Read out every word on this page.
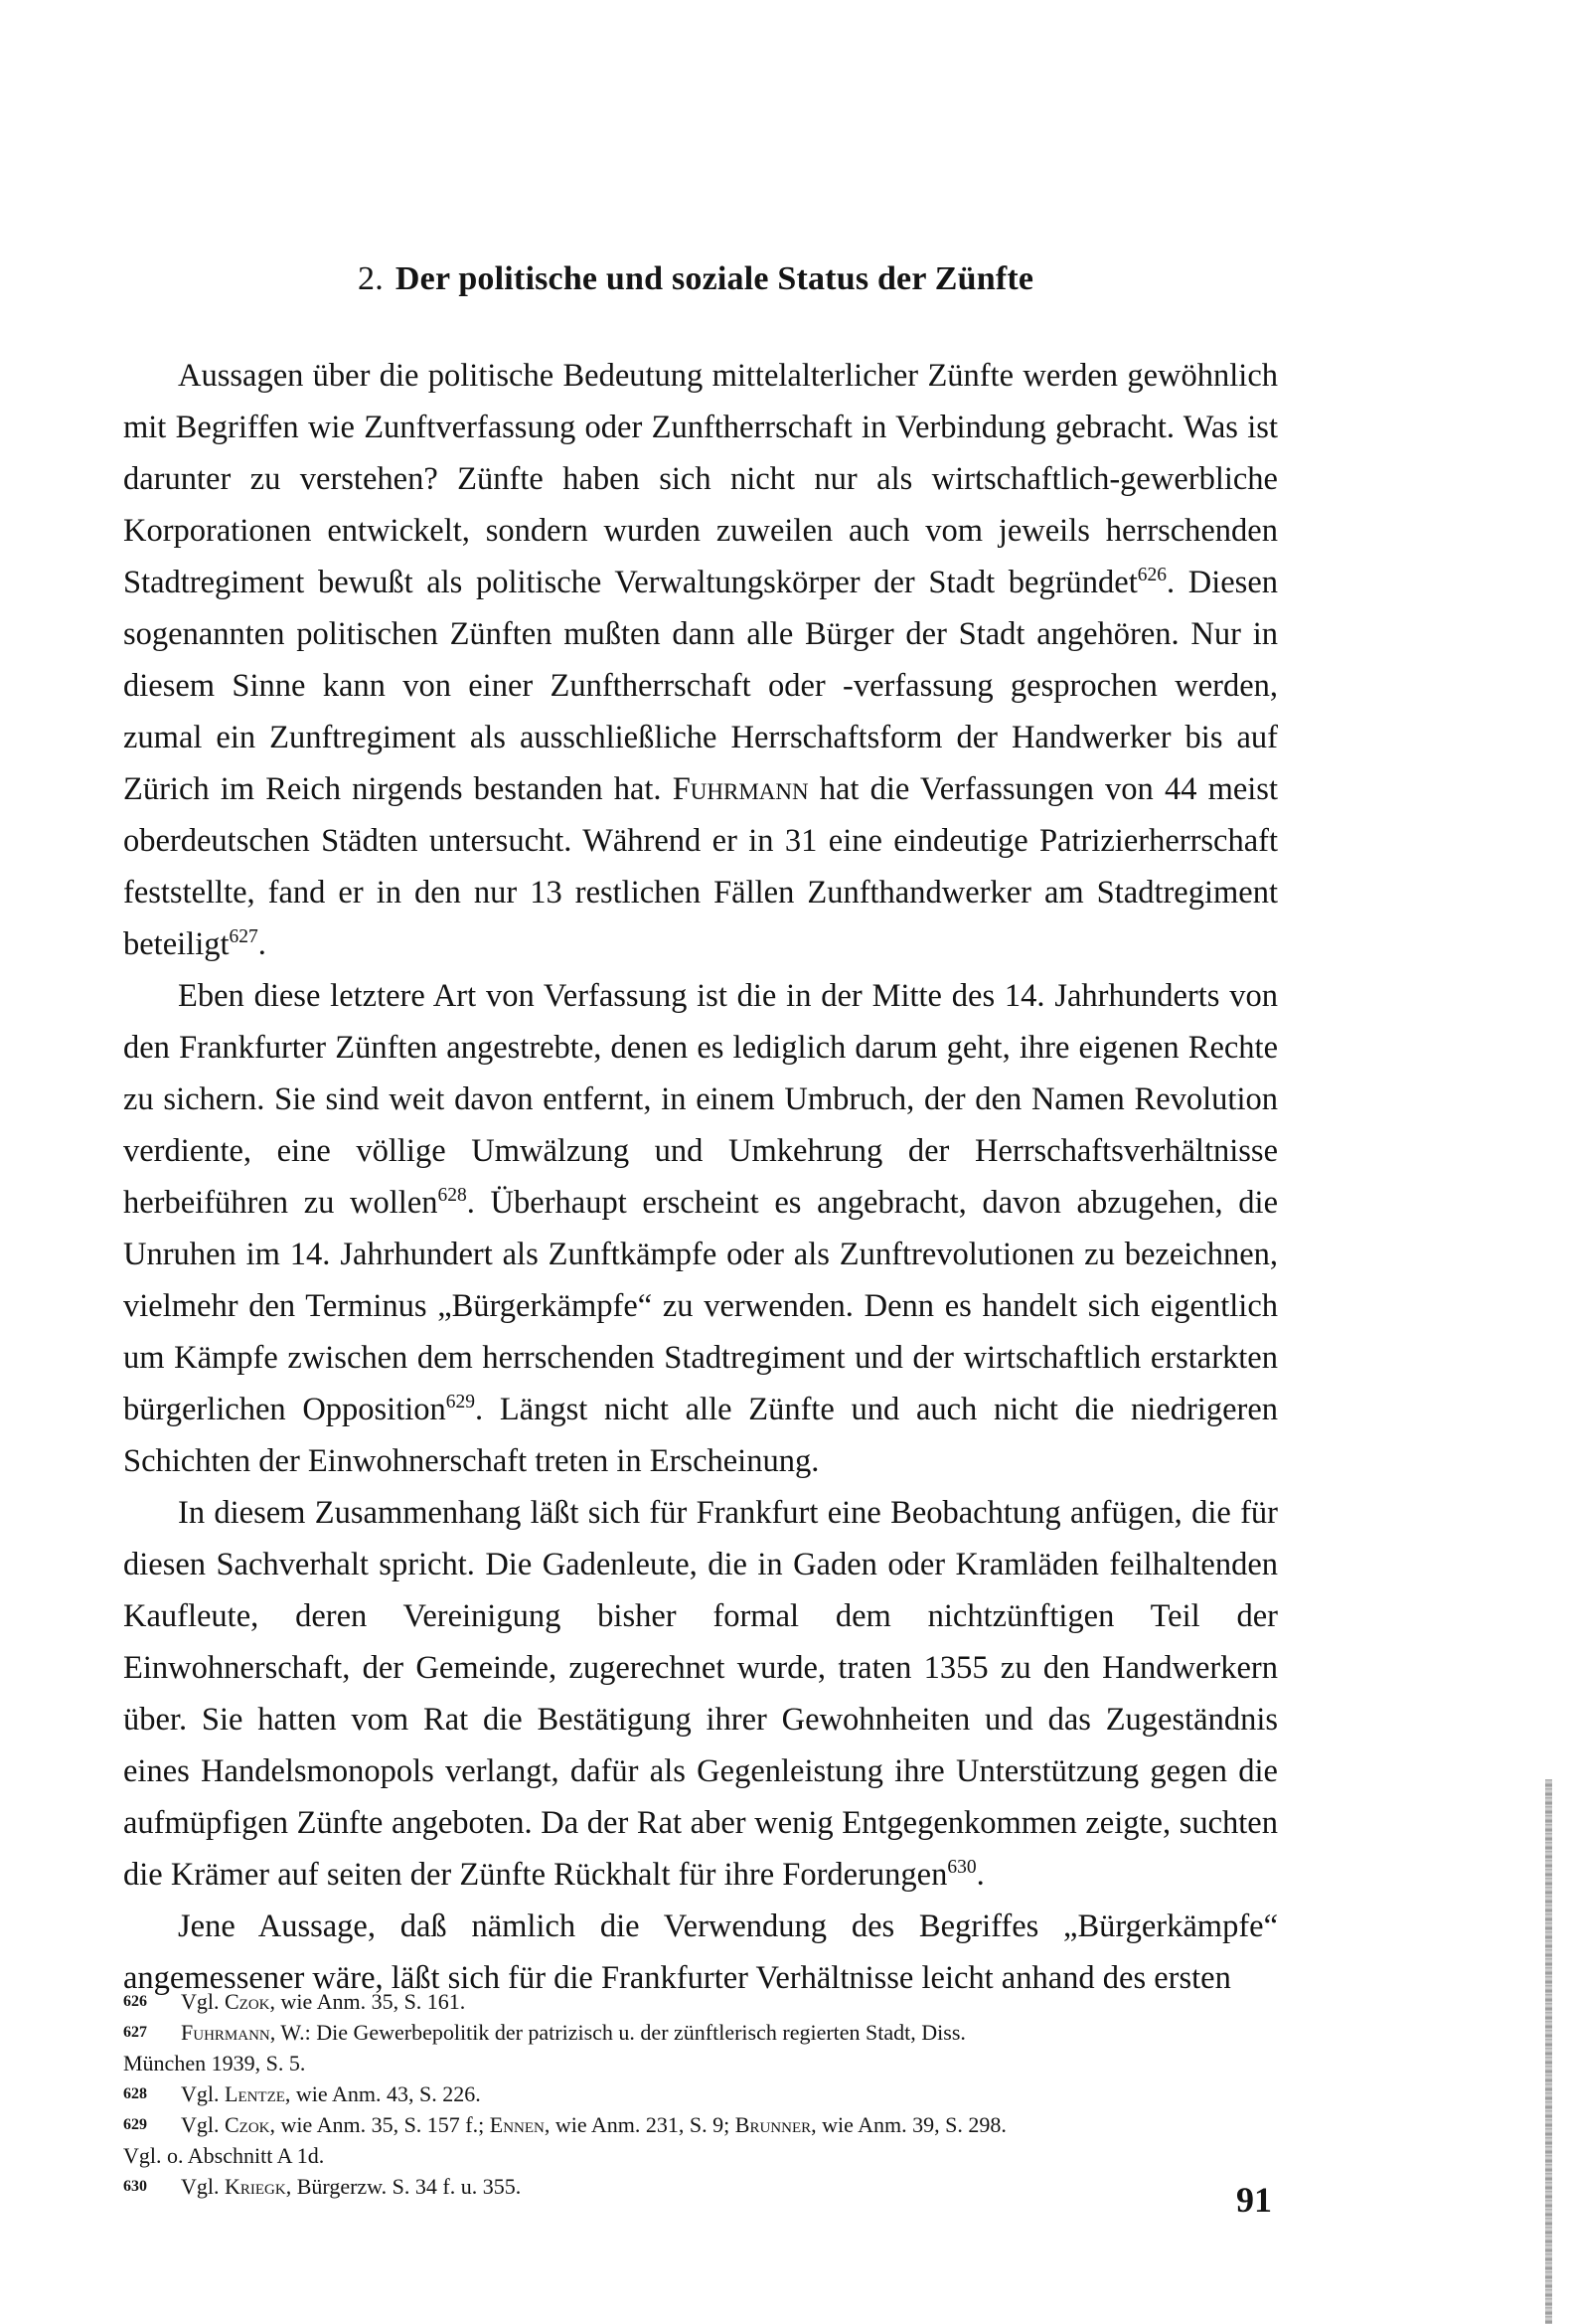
2. Der politische und soziale Status der Zünfte

Aussagen über die politische Bedeutung mittelalterlicher Zünfte werden gewöhnlich mit Begriffen wie Zunftverfassung oder Zunftherrschaft in Verbindung gebracht. Was ist darunter zu verstehen? Zünfte haben sich nicht nur als wirtschaftlich-gewerbliche Korporationen entwickelt, sondern wurden zuweilen auch vom jeweils herrschenden Stadtregiment bewußt als politische Verwaltungskörper der Stadt begründet$^{626}$. Diesen sogenannten politischen Zünften mußten dann alle Bürger der Stadt angehören. Nur in diesem Sinne kann von einer Zunftherrschaft oder -verfassung gesprochen werden, zumal ein Zunftregiment als ausschließliche Herrschaftsform der Handwerker bis auf Zürich im Reich nirgends bestanden hat. Fuhrmann hat die Verfassungen von 44 meist oberdeutschen Städten untersucht. Während er in 31 eine eindeutige Patrizierherrschaft feststellte, fand er in den nur 13 restlichen Fällen Zunfthandwerker am Stadtregiment beteiligt$^{627}$.

Eben diese letztere Art von Verfassung ist die in der Mitte des 14. Jahrhunderts von den Frankfurter Zünften angestrebte, denen es lediglich darum geht, ihre eigenen Rechte zu sichern. Sie sind weit davon entfernt, in einem Umbruch, der den Namen Revolution verdiente, eine völlige Umwälzung und Umkehrung der Herrschaftsverhältnisse herbeiführen zu wollen$^{628}$. Überhaupt erscheint es angebracht, davon abzugehen, die Unruhen im 14. Jahrhundert als Zunftkämpfe oder als Zunftrevolutionen zu bezeichnen, vielmehr den Terminus „Bürgerkämpfe“ zu verwenden. Denn es handelt sich eigentlich um Kämpfe zwischen dem herrschenden Stadtregiment und der wirtschaftlich erstarkten bürgerlichen Opposition$^{629}$. Längst nicht alle Zünfte und auch nicht die niedrigeren Schichten der Einwohnerschaft treten in Erscheinung.

In diesem Zusammenhang läßt sich für Frankfurt eine Beobachtung anfügen, die für diesen Sachverhalt spricht. Die Gadenleute, die in Gaden oder Kramläden feilhaltenden Kaufleute, deren Vereinigung bisher formal dem nichtzünftigen Teil der Einwohnerschaft, der Gemeinde, zugerechnet wurde, traten 1355 zu den Handwerkern über. Sie hatten vom Rat die Bestätigung ihrer Gewohnheiten und das Zugeständnis eines Handelsmonopols verlangt, dafür als Gegenleistung ihre Unterstützung gegen die aufmüpfigen Zünfte angeboten. Da der Rat aber wenig Entgegenkommen zeigte, suchten die Krämer auf seiten der Zünfte Rückhalt für ihre Forderungen$^{630}$.

Jene Aussage, daß nämlich die Verwendung des Begriffes „Bürgerkämpfe“ angemessener wäre, läßt sich für die Frankfurter Verhältnisse leicht anhand des ersten

626	Vgl. Czok, wie Anm. 35, S. 161.
627	Fuhrmann, W.: Die Gewerbepolitik der patrizisch u. der zünftlerisch regierten Stadt, Diss.
München 1939, S. 5.
628	Vgl. Lentze, wie Anm. 43, S. 226.
629	Vgl. Czok, wie Anm. 35, S. 157 f.; Ennen, wie Anm. 231, S. 9; Brunner, wie Anm. 39, S. 298.
Vgl. o. Abschnitt A 1d.
630	Vgl. Kriegk, Bürgerzw. S. 34 f. u. 355.	91
